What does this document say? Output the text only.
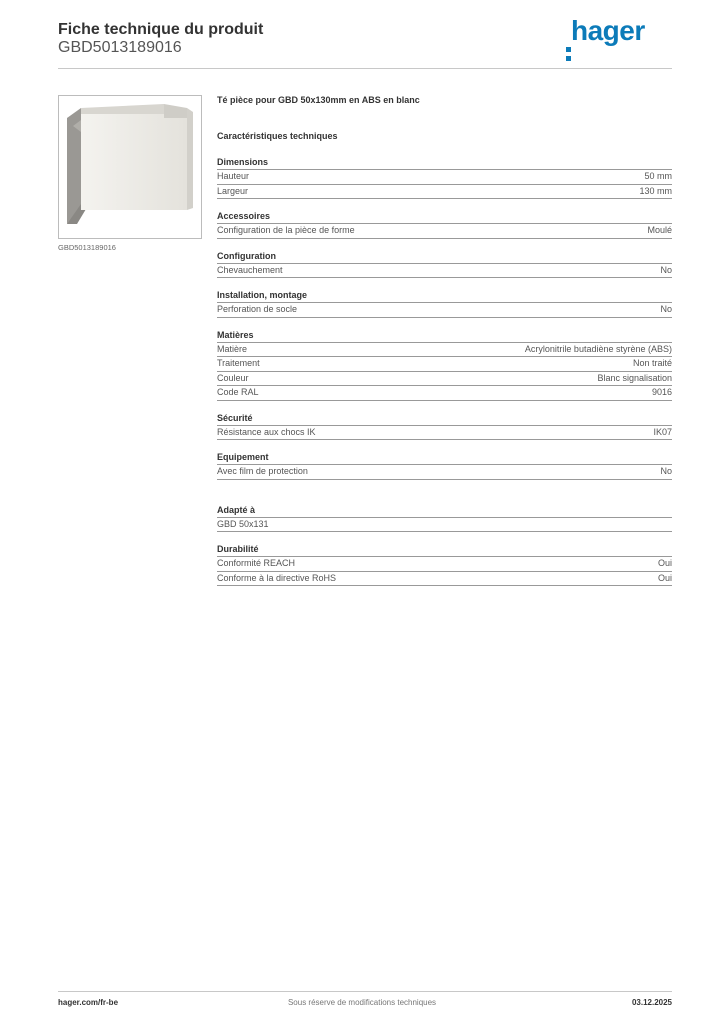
Fiche technique du produit
GBD5013189016
hager
GBD5013189016
Té pièce pour GBD 50x130mm en ABS en blanc
Caractéristiques techniques
Dimensions
Hauteur	50 mm
Largeur	130 mm
Accessoires
Configuration de la pièce de forme	Moulé
Configuration
Chevauchement	No
Installation, montage
Perforation de socle	No
Matières
Matière	Acrylonitrile butadiène styrène (ABS)
Traitement	Non traité
Couleur	Blanc signalisation
Code RAL	9016
Sécurité
Résistance aux chocs IK	IK07
Equipement
Avec film de protection	No
Adapté à
GBD 50x131
Durabilité
Conformité REACH	Oui
Conforme à la directive RoHS	Oui
hager.com/fr-be	Sous réserve de modifications techniques	03.12.2025
